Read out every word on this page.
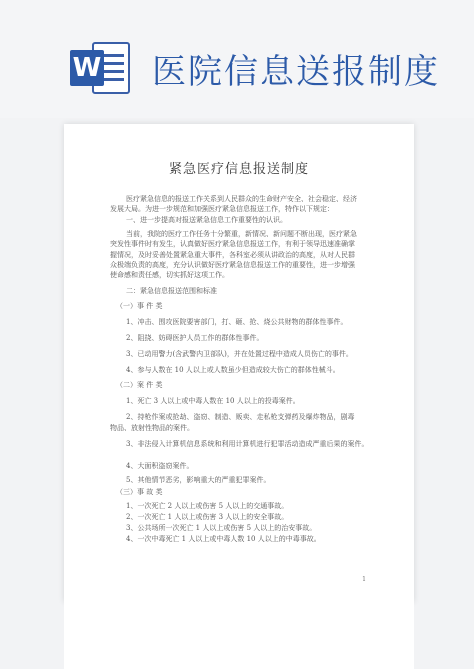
W 医院信息送报制度
紧急医疗信息报送制度
医疗紧急信息的报送工作关系到人民群众的生命财产安全、社会稳定、经济
发展大局。为进一步规范和加强医疗紧急信息报送工作，特作以下规定：
一、进一步提高对报送紧急信息工作重要性的认识。
当前，我院的医疗工作任务十分繁重，新情况、新问题不断出现，医疗紧急
突发性事件时有发生，认真做好医疗紧急信息报送工作，有利于领导迅速准确掌
握情况，及时妥善处置紧急重大事件，各科室必须从讲政治的高度，从对人民群
众极端负责的高度，充分认识做好医疗紧急信息报送工作的重要性，进一步增强
使命感和责任感，切实抓好这项工作。
二：紧急信息报送范围和标准
（一）事 件 类
1、冲击、围攻医院要害部门，打、砸、抢、烧公共财物的群体性事件。
2、阻挠、妨碍医护人员工作的群体性事件。
3、已动用警力(含武警内卫部队)，并在处置过程中造成人员伤亡的事件。
4、参与人数在 10 人以上或人数虽少但造成较大伤亡的群体性械斗。
（二）案 件 类
1、死亡 3 人以上或中毒人数在 10 人以上的投毒案件。
2、持枪作案或抢劫、盗窃、制造、贩卖、走私枪支弹药及爆炸物品，剧毒
物品、放射性物品的案件。
3、非法侵入计算机信息系统和利用计算机进行犯罪活动造成严重后果的案件。
4、大面积盗窃案件。
5、其他情节恶劣，影响重大的严重犯罪案件。
（三）事 故 类
1
1、一次死亡 2 人以上或伤害 5 人以上的交通事故。
2、一次死亡 1 人以上或伤害 3 人以上的安全事故。
3、公共场所一次死亡 1 人以上或伤害 5 人以上的治安事故。
4、一次中毒死亡 1 人以上或中毒人数 10 人以上的中毒事故。
